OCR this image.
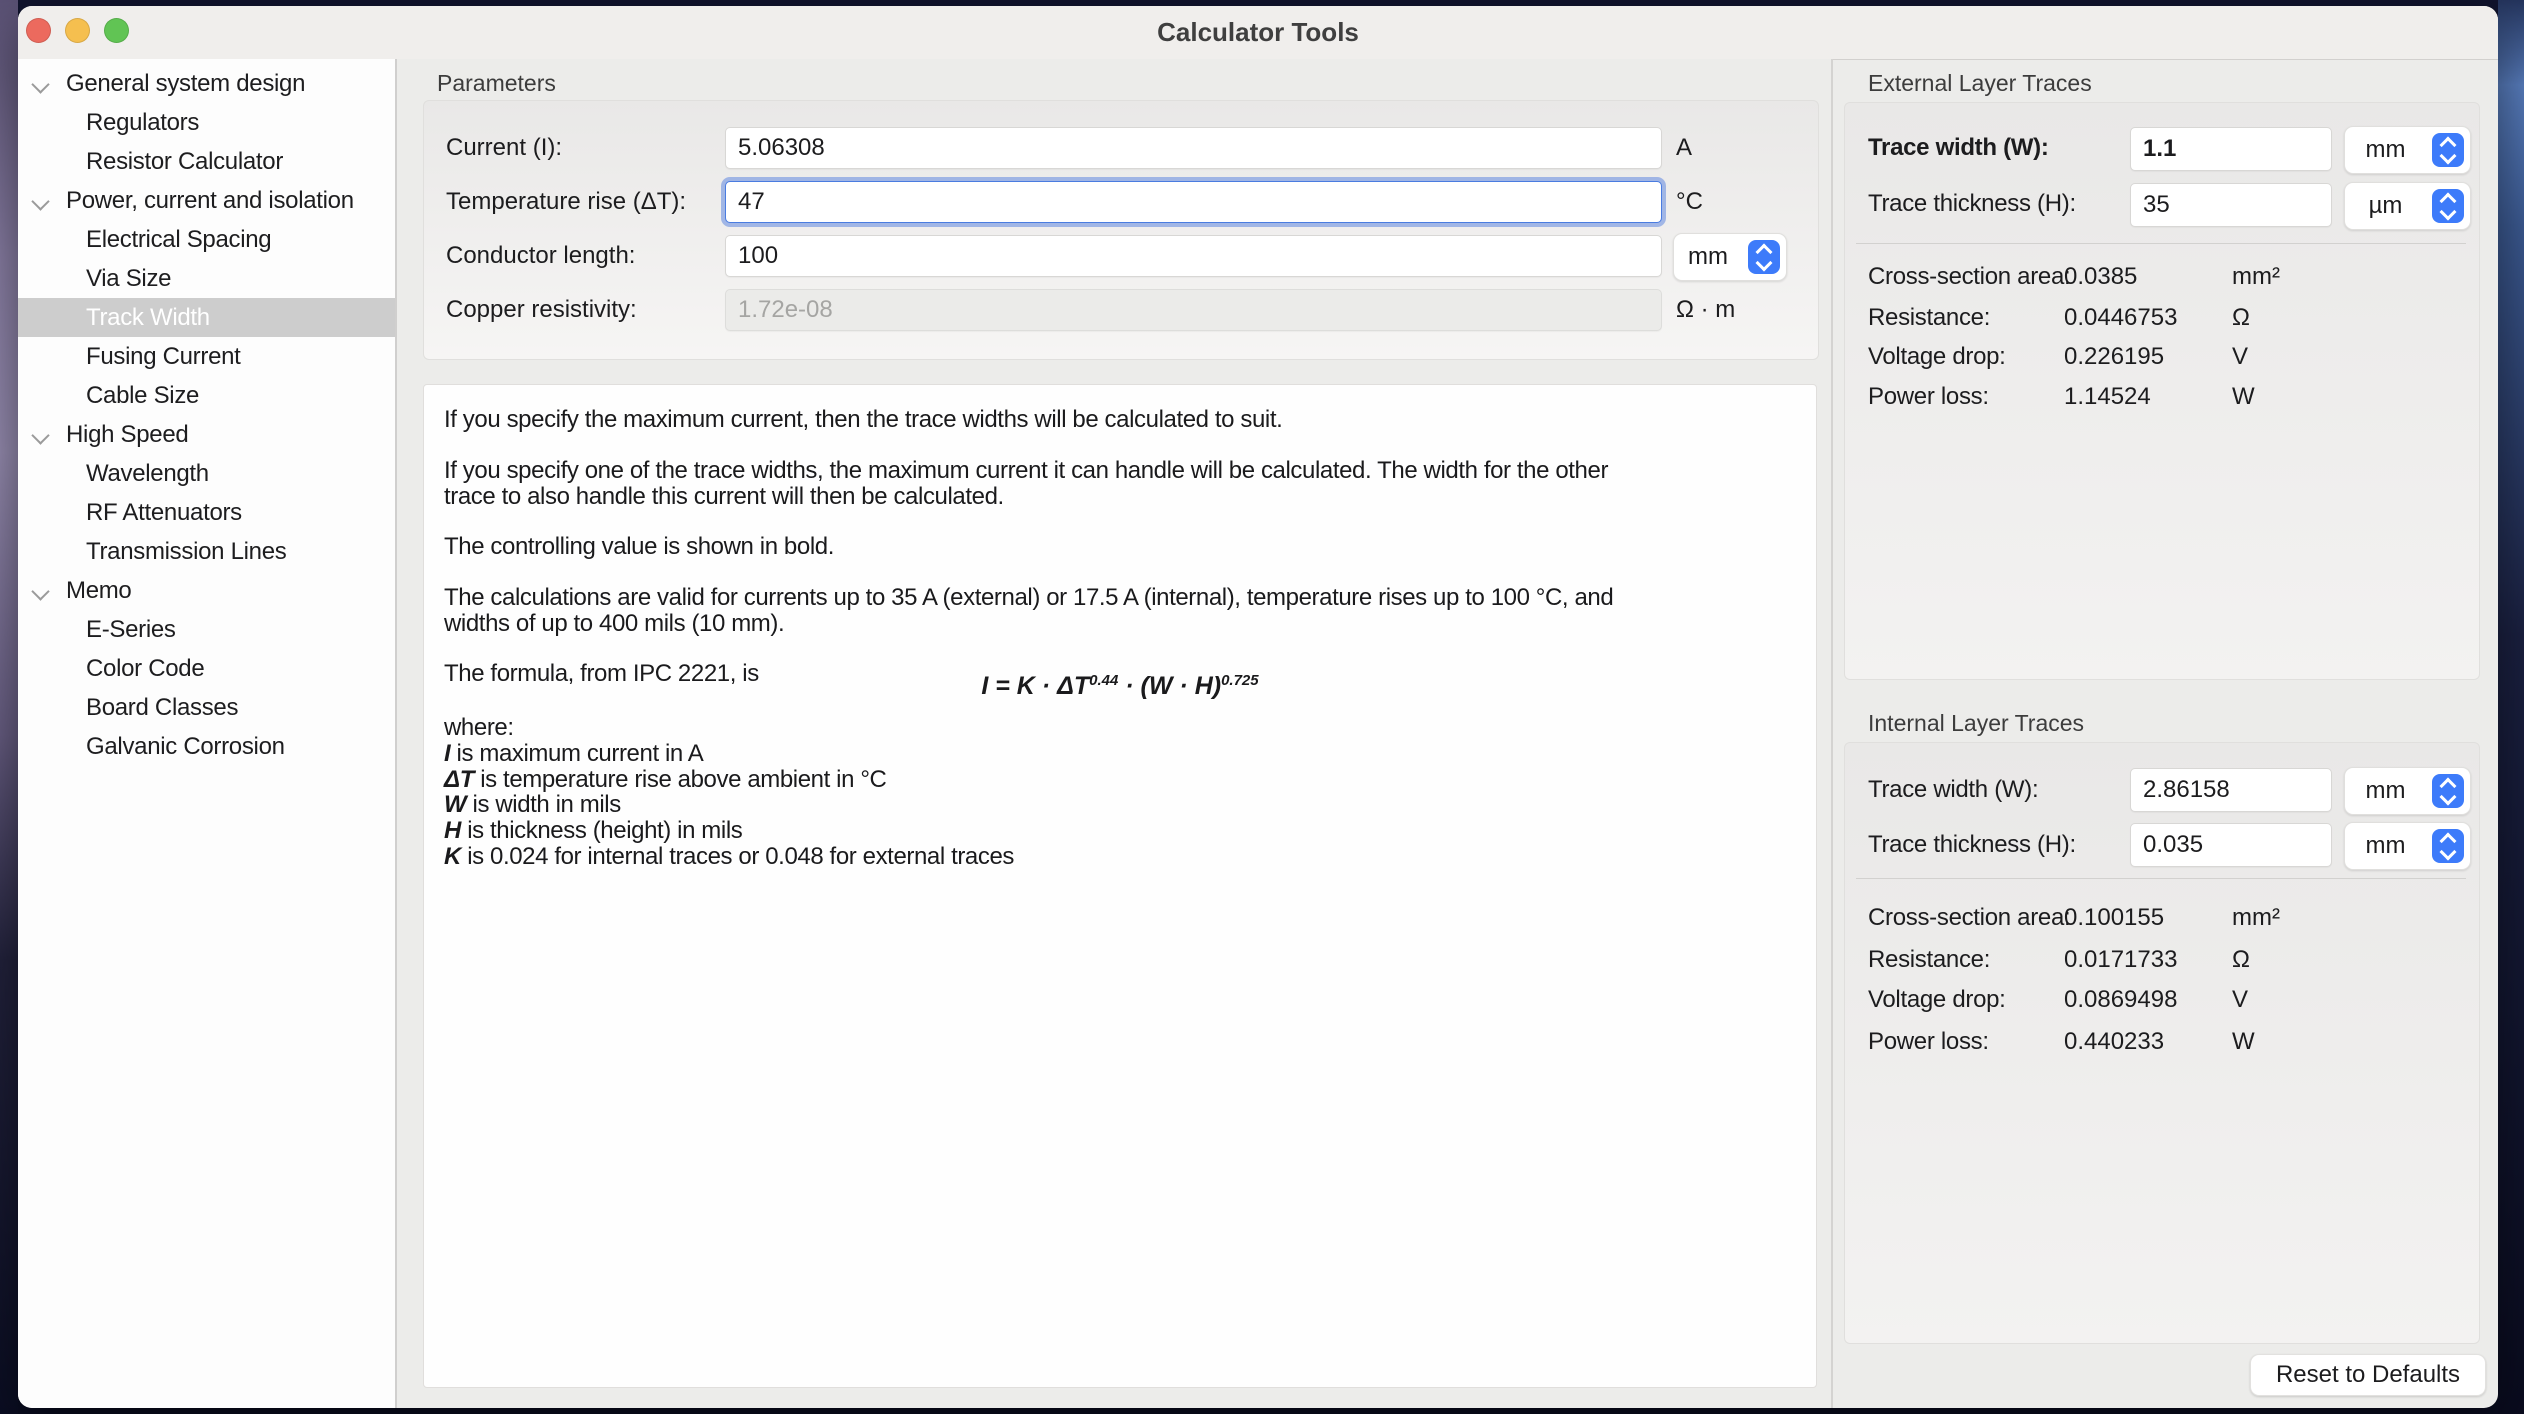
Calculator Tools
General system design
Regulators
Resistor Calculator
Power, current and isolation
Electrical Spacing
Via Size
Track Width
Fusing Current
Cable Size
High Speed
Wavelength
RF Attenuators
Transmission Lines
Memo
E-Series
Color Code
Board Classes
Galvanic Corrosion
Parameters
Current (I):
5.06308	A
Temperature rise (ΔT):
47	°C
Conductor length:
100	mm
Copper resistivity:
1.72e-08	Ω · m
If you specify the maximum current, then the trace widths will be calculated to suit.
If you specify one of the trace widths, the maximum current it can handle will be calculated. The width for the other
trace to also handle this current will then be calculated.
The controlling value is shown in bold.
The calculations are valid for currents up to 35 A (external) or 17.5 A (internal), temperature rises up to 100 °C, and
widths of up to 400 mils (10 mm).
The formula, from IPC 2221, is	$I = K \cdot \Delta T^{0.44} \cdot (W \cdot H)^{0.725}$
where:
I is maximum current in A
ΔT is temperature rise above ambient in °C
W is width in mils
H is thickness (height) in mils
K is 0.024 for internal traces or 0.048 for external traces
External Layer Traces
Trace width (W):
1.1	mm
Trace thickness (H):
35	µm
Cross-section area:
0.0385	mm²
Resistance:	0.0446753 Ω
Voltage drop: 0.226195	V
Power loss:	1.14524	W
Internal Layer Traces
Trace width (W):
2.86158	mm
Trace thickness (H):
0.035	mm
Cross-section area:
0.100155	mm²
Resistance:	0.0171733 Ω
Voltage drop: 0.0869498 V
Power loss:	0.440233	W
Reset to Defaults
